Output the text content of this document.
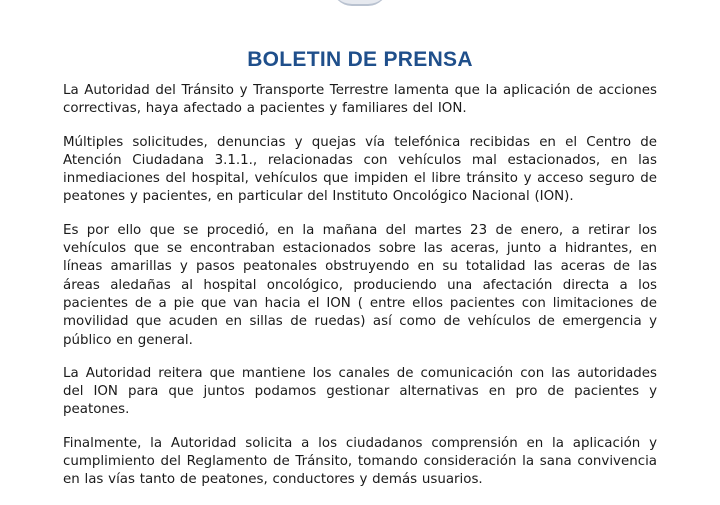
BOLETIN DE PRENSA

La Autoridad del Tránsito y Transporte Terrestre lamenta que la aplicación de acciones correctivas, haya afectado a pacientes y familiares del ION.

Múltiples solicitudes, denuncias y quejas vía telefónica recibidas en el Centro de Atención Ciudadana 3.1.1., relacionadas con vehículos mal estacionados, en las inmediaciones del hospital, vehículos que impiden el libre tránsito y acceso seguro de peatones y pacientes, en particular del Instituto Oncológico Nacional (ION).

Es por ello que se procedió, en la mañana del martes 23 de enero, a retirar los vehículos que se encontraban estacionados sobre las aceras, junto a hidrantes, en líneas amarillas y pasos peatonales obstruyendo en su totalidad las aceras de las áreas aledañas al hospital oncológico, produciendo una afectación directa a los pacientes de a pie que van hacia el ION ( entre ellos pacientes con limitaciones de movilidad que acuden en sillas de ruedas) así como de vehículos de emergencia y público en general.

La Autoridad reitera que mantiene los canales de comunicación con las autoridades del ION para que juntos podamos gestionar alternativas en pro de pacientes y peatones.

Finalmente, la Autoridad solicita a los ciudadanos comprensión en la aplicación y cumplimiento del Reglamento de Tránsito, tomando consideración la sana convivencia en las vías tanto de peatones, conductores y demás usuarios.
